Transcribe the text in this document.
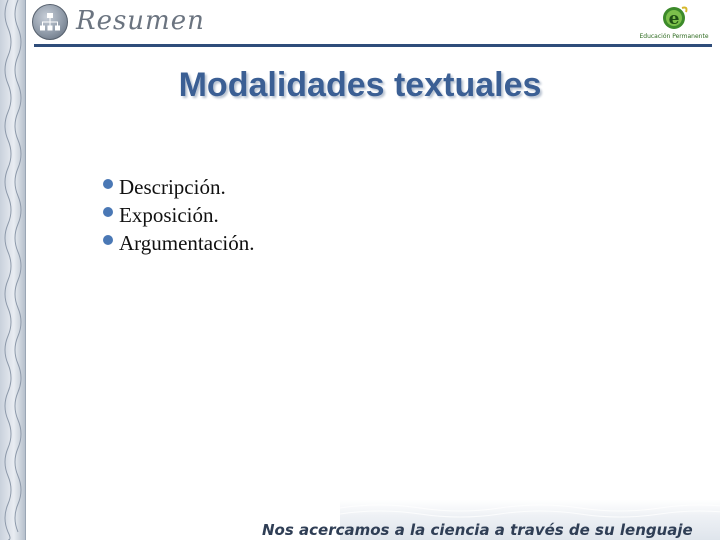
Resumen	e
Educación Permanente
Modalidades textuales
Descripción.
Exposición.
Argumentación.
Nos acercamos a la ciencia a través de su lenguaje
